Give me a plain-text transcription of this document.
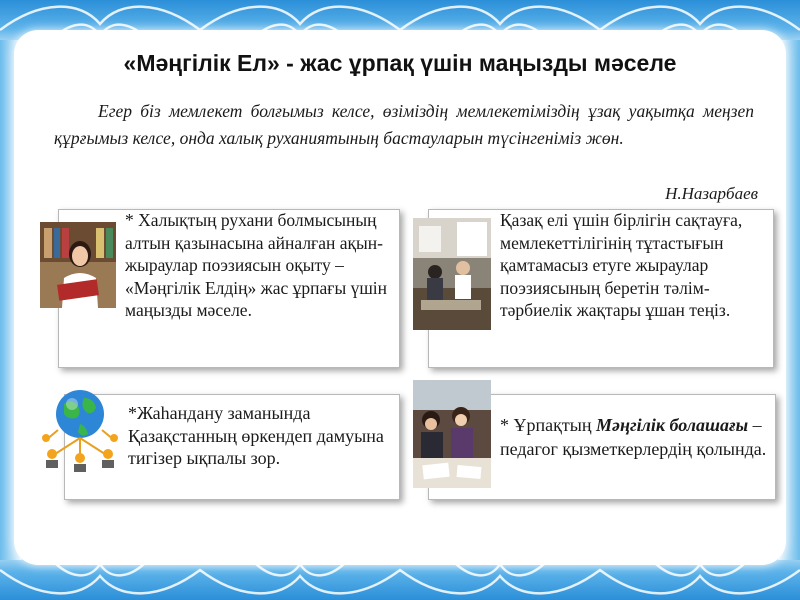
«Мәңгілік Ел» - жас ұрпақ үшін маңызды мәселе
Егер біз мемлекет болғымыз келсе, өзіміздің мемлекетіміздің ұзақ уақытқа меңзеп құрғымыз келсе, онда халық руханиятының бастауларын түсінгеніміз жөн.
Н.Назарбаев
* Халықтың рухани болмысының алтын қазынасына айналған ақын-жыраулар поэзиясын оқыту – «Мәңгілік Елдің» жас ұрпағы үшін маңызды мәселе.
Қазақ елі үшін бірлігін сақтауға, мемлекеттілігінің тұтастығын қамтамасыз етуге жыраулар поэзиясының беретін тәлім-тәрбиелік жақтары ұшан теңіз.
*Жаһандану заманында Қазақстанның өркендеп дамуына тигізер ықпалы зор.
* Ұрпақтың Мәңгілік болашағы – педагог қызметкерлердің қолында.
